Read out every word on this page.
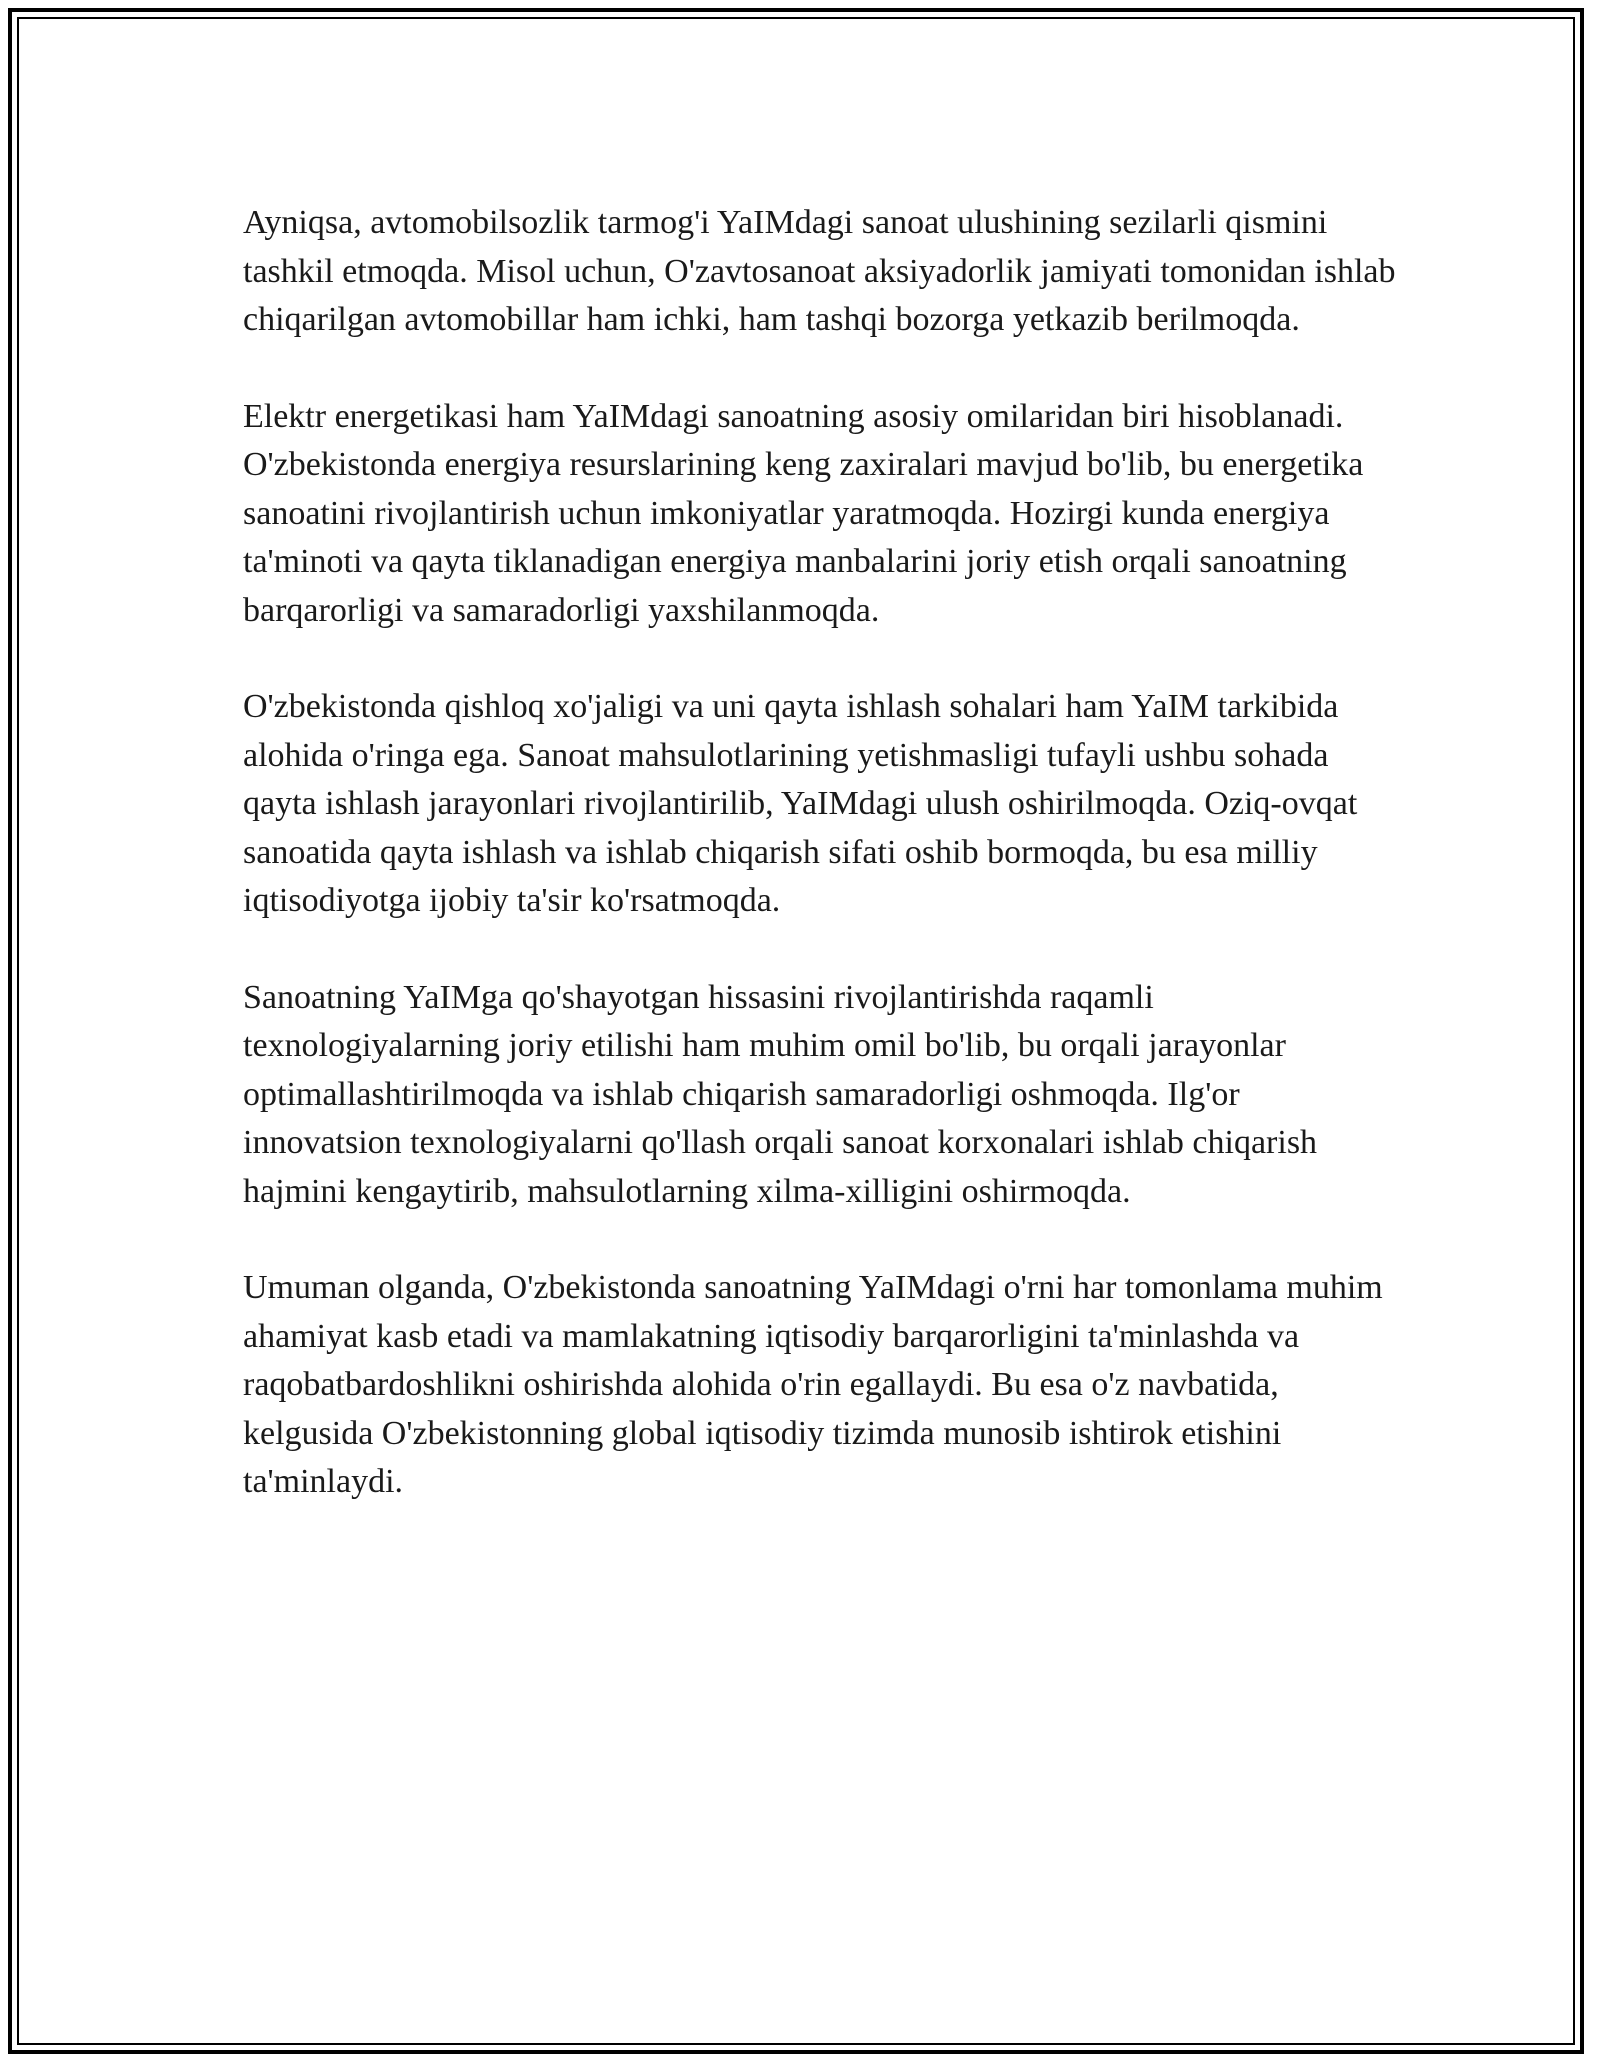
Ayniqsa, avtomobilsozlik tarmog'i YaIMdagi sanoat ulushining sezilarli qismini tashkil etmoqda. Misol uchun, O'zavtosanoat aksiyadorlik jamiyati tomonidan ishlab chiqarilgan avtomobillar ham ichki, ham tashqi bozorga yetkazib berilmoqda.

Elektr energetikasi ham YaIMdagi sanoatning asosiy omilaridan biri hisoblanadi. O'zbekistonda energiya resurslarining keng zaxiralari mavjud bo'lib, bu energetika sanoatini rivojlantirish uchun imkoniyatlar yaratmoqda. Hozirgi kunda energiya ta'minoti va qayta tiklanadigan energiya manbalarini joriy etish orqali sanoatning barqarorligi va samaradorligi yaxshilanmoqda.

O'zbekistonda qishloq xo'jaligi va uni qayta ishlash sohalari ham YaIM tarkibida alohida o'ringa ega. Sanoat mahsulotlarining yetishmasligi tufayli ushbu sohada qayta ishlash jarayonlari rivojlantirilib, YaIMdagi ulush oshirilmoqda. Oziq-ovqat sanoatida qayta ishlash va ishlab chiqarish sifati oshib bormoqda, bu esa milliy iqtisodiyotga ijobiy ta'sir ko'rsatmoqda.

Sanoatning YaIMga qo'shayotgan hissasini rivojlantirishda raqamli texnologiyalarning joriy etilishi ham muhim omil bo'lib, bu orqali jarayonlar optimallashtirilmoqda va ishlab chiqarish samaradorligi oshmoqda. Ilg'or innovatsion texnologiyalarni qo'llash orqali sanoat korxonalari ishlab chiqarish hajmini kengaytirib, mahsulotlarning xilma-xilligini oshirmoqda.

Umuman olganda, O'zbekistonda sanoatning YaIMdagi o'rni har tomonlama muhim ahamiyat kasb etadi va mamlakatning iqtisodiy barqarorligini ta'minlashda va raqobatbardoshlikni oshirishda alohida o'rin egallaydi. Bu esa o'z navbatida, kelgusida O'zbekistonning global iqtisodiy tizimda munosib ishtirok etishini ta'minlaydi.
